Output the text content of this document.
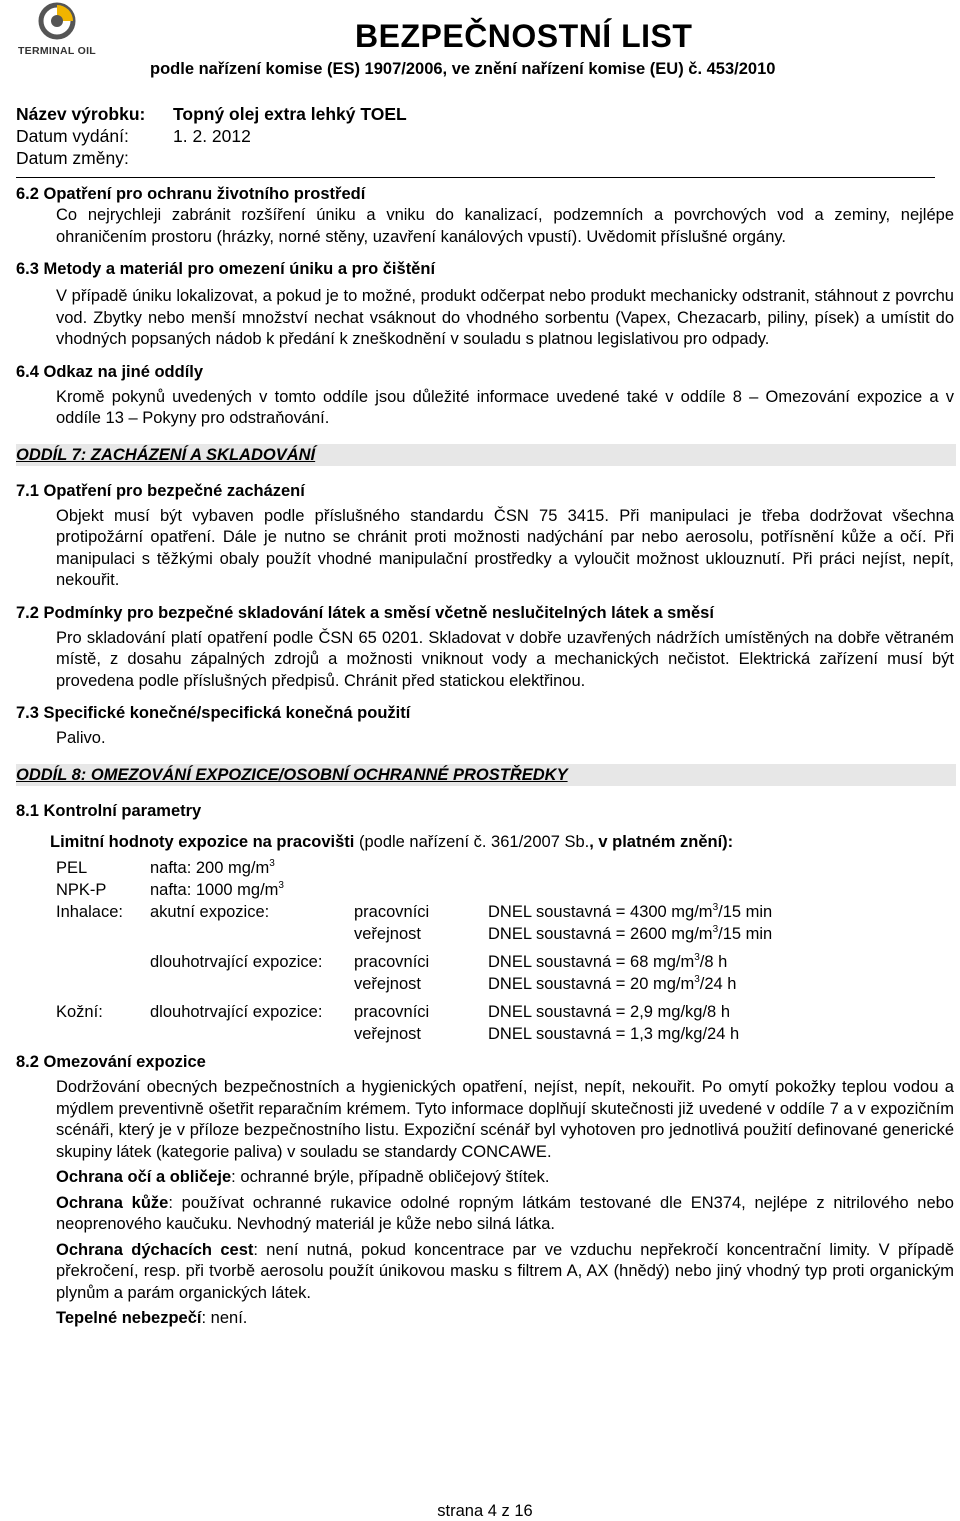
TERMINAL OIL	BEZPEČNOSTNÍ LIST
podle nařízení komise (ES) 1907/2006, ve znění nařízení komise (EU) č. 453/2010
Název výrobku: Topný olej extra lehký TOEL
Datum vydání:	1. 2. 2012
Datum změny:
6.2 Opatření pro ochranu životního prostředí

Co nejrychleji zabránit rozšíření úniku a vniku do kanalizací, podzemních a povrchových vod a zeminy, nejlépe ohraničením prostoru (hrázky, norné stěny, uzavření kanálových vpustí). Uvědomit příslušné orgány.

6.3 Metody a materiál pro omezení úniku a pro čištění

V případě úniku lokalizovat, a pokud je to možné, produkt odčerpat nebo produkt mechanicky odstranit, stáhnout z povrchu vod. Zbytky nebo menší množství nechat vsáknout do vhodného sorbentu (Vapex, Chezacarb, piliny, písek) a umístit do vhodných popsaných nádob k předání k zneškodnění v souladu s platnou legislativou pro odpady.

6.4 Odkaz na jiné oddíly

Kromě pokynů uvedených v tomto oddíle jsou důležité informace uvedené také v oddíle 8 – Omezování expozice a v oddíle 13 – Pokyny pro odstraňování.

ODDÍL 7: ZACHÁZENÍ A SKLADOVÁNÍ
7.1 Opatření pro bezpečné zacházení

Objekt musí být vybaven podle příslušného standardu ČSN 75 3415. Při manipulaci je třeba dodržovat všechna protipožární opatření. Dále je nutno se chránit proti možnosti nadýchání par nebo aerosolu, potřísnění kůže a očí. Při manipulaci s těžkými obaly použít vhodné manipulační prostředky a vyloučit možnost uklouznutí. Při práci nejíst, nepít, nekouřit.

7.2 Podmínky pro bezpečné skladování látek a směsí včetně neslučitelných látek a směsí

Pro skladování platí opatření podle ČSN 65 0201. Skladovat v dobře uzavřených nádržích umístěných na dobře větraném místě, z dosahu zápalných zdrojů a možnosti vniknout vody a mechanických nečistot. Elektrická zařízení musí být provedena podle příslušných předpisů. Chránit před statickou elektřinou.

7.3 Specifické konečné/specifická konečná použití

Palivo.

ODDÍL 8: OMEZOVÁNÍ EXPOZICE/OSOBNÍ OCHRANNÉ PROSTŘEDKY
8.1 Kontrolní parametry

Limitní hodnoty expozice na pracovišti (podle nařízení č. 361/2007 Sb., v platném znění):

PEL	nafta: 200 $mg/m^3$
NPK-P	nafta: 1000 $mg/m^3$
Inhalace:	akutní expozice:	pracovníci	DNEL soustavná = 4300 $mg/m^3/15$ min
		veřejnost	DNEL soustavná = 2600 $mg/m^3/15$ min
	dlouhotrvající expozice:	pracovníci	DNEL soustavná = 68 $mg/m^3/8$ h
		veřejnost	DNEL soustavná = 20 $mg/m^3/24$ h
Kožní:	dlouhotrvající expozice:	pracovníci	DNEL soustavná = 2,9 mg/kg/8 h
		veřejnost	DNEL soustavná = 1,3 mg/kg/24 h
8.2 Omezování expozice

Dodržování obecných bezpečnostních a hygienických opatření, nejíst, nepít, nekouřit. Po omytí pokožky teplou vodou a mýdlem preventivně ošetřit reparačním krémem. Tyto informace doplňují skutečnosti již uvedené v oddíle 7 a v expozičním scénáři, který je v příloze bezpečnostního listu. Expoziční scénář byl vyhotoven pro jednotlivá použití definované generické skupiny látek (kategorie paliva) v souladu se standardy CONCAWE.

Ochrana očí a obličeje: ochranné brýle, případně obličejový štítek.

Ochrana kůže: používat ochranné rukavice odolné ropným látkám testované dle EN374, nejlépe z nitrilového nebo neoprenového kaučuku. Nevhodný materiál je kůže nebo silná látka.

Ochrana dýchacích cest: není nutná, pokud koncentrace par ve vzduchu nepřekročí koncentrační limity. V případě překročení, resp. při tvorbě aerosolu použít únikovou masku s filtrem A, AX (hnědý) nebo jiný vhodný typ proti organickým plynům a parám organických látek.

Tepelné nebezpečí: není.

strana 4 z 16
